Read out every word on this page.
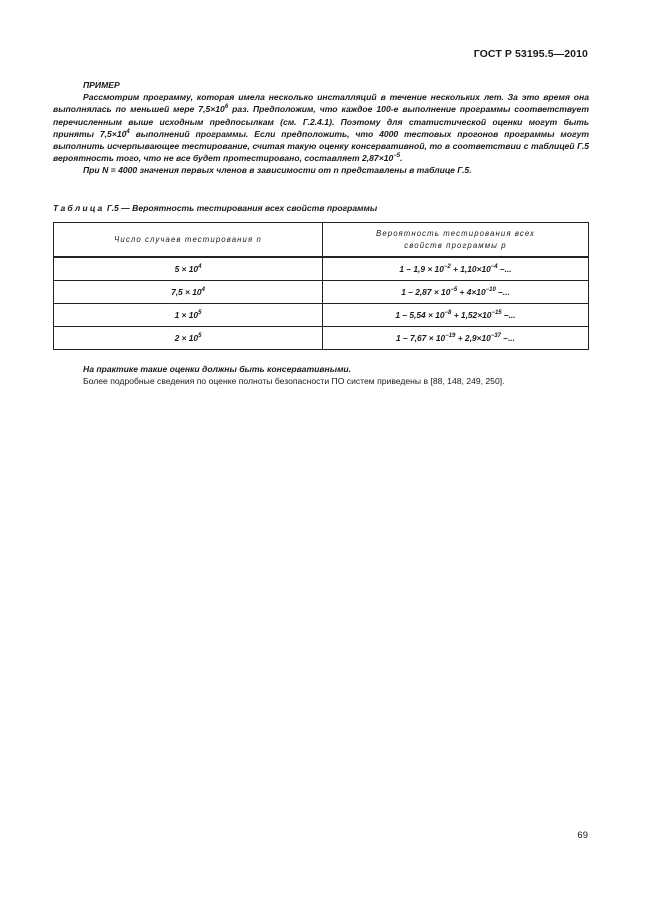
ГОСТ Р 53195.5—2010

ПРИМЕР

Рассмотрим программу, которая имела несколько инсталляций в течение нескольких лет. За это время она выполнялась по меньшей мере $7,5\times 10^6$ раз. Предположим, что каждое 100-е выполнение программы соответствует перечисленным выше исходным предпосылкам (см. Г.2.4.1). Поэтому для статистической оценки могут быть приняты $7,5\times 10^4$ выполнений программы. Если предположить, что 4000 тестовых прогонов программы могут выполнить исчерпывающее тестирование, считая такую оценку консервативной, то в соответствии с таблицей Г.5 вероятность того, что не все будет протестировано, составляет $2,87\times 10^{-5}$.

При N = 4000 значения первых членов в зависимости от n представлены в таблице Г.5.

Таблица Г.5 — Вероятность тестирования всех свойств программы
Число случаев тестирования n	Вероятность тестирования всех
свойств программы p
$5 \times 10^4$	$1 - 1,9 \times 10^{-2} + 1,10\times 10^{-4}$ –...
$7,5 \times 10^4$	$1 - 2,87 \times 10^{-5} + 4\times 10^{-10}$ –...
$1 \times 10^5$	$1 - 5,54 \times 10^{-8} + 1,52\times 10^{-15}$ –...
$2 \times 10^5$	$1 - 7,67 \times 10^{-19} + 2,9\times 10^{-37}$ –...

На практике такие оценки должны быть консервативными.

Более подробные сведения по оценке полноты безопасности ПО систем приведены в [88, 148, 249, 250].

69
